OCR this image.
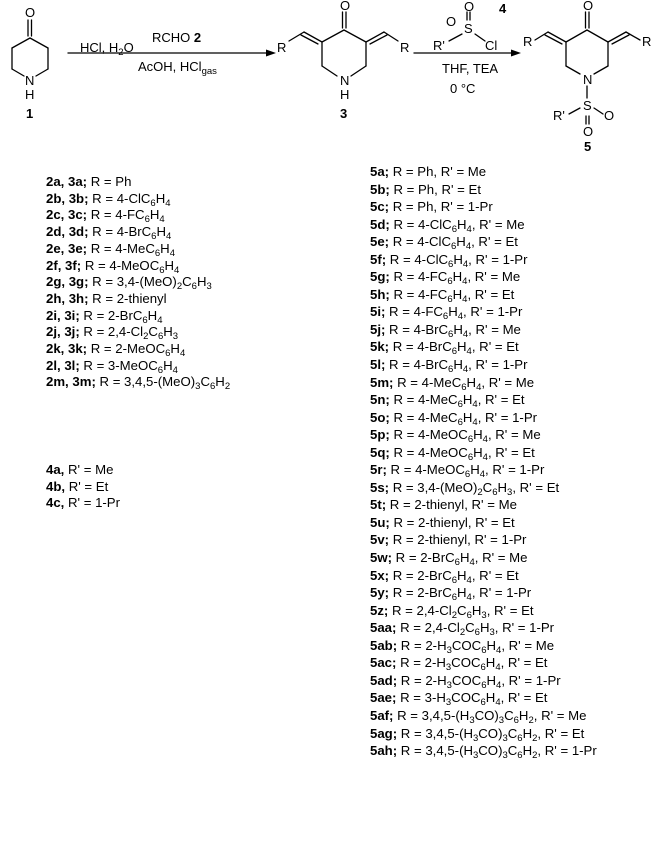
O
N
H
1
RCHO 2
HCl, $H_2O$
AcOH, HCl$_{gas}$
O
R	R
N
H
3
O
O S
4
R'	Cl
THF, TEA
0 °C
O
R	R
N
S
R'	O
O
5
2a, 3a; R = Ph
2b, 3b; $R = 4-ClC_6H_4$
2c, 3c; $R = 4-FC_6H_4$
2d, 3d; $R = 4-BrC_6H_4$
2e, 3e; $R = 4-MeC_6H_4$
2f, 3f; $R = 4-MeOC_6H_4$
2g, 3g; $R = 3,4-(MeO)_2C_6H_3$
2h, 3h; R = 2-thienyl
2i, 3i; $R = 2-BrC_6H_4$
2j, 3j; $R = 2,4-Cl_2C_6H_3$
2k, 3k; $R = 2-MeOC_6H_4$
2l, 3l; $R = 3-MeOC_6H_4$
2m, 3m; $R = 3,4,5-(MeO)_3C_6H_2$
4a, R' = Me
4b, R' = Et
4c, R' = 1-Pr
5a; R = Ph, R' = Me
5b; R = Ph, R' = Et
5c; R = Ph, R' = 1-Pr
5d; $R = 4-ClC_6H_4$, R' = Me
5e; $R = 4-ClC_6H_4$, R' = Et
5f; $R = 4-ClC_6H_4$, R' = 1-Pr
5g; $R = 4-FC_6H_4$, R' = Me
5h; $R = 4-FC_6H_4$, R' = Et
5i; $R = 4-FC_6H_4$, R' = 1-Pr
5j; $R = 4-BrC_6H_4$, R' = Me
5k; $R = 4-BrC_6H_4$, R' = Et
5l; $R = 4-BrC_6H_4$, R' = 1-Pr
5m; $R = 4-MeC_6H_4$, R' = Me
5n; $R = 4-MeC_6H_4$, R' = Et
5o; $R = 4-MeC_6H_4$, R' = 1-Pr
5p; $R = 4-MeOC_6H_4$, R' = Me
5q; $R = 4-MeOC_6H_4$, R' = Et
5r; $R = 4-MeOC_6H_4$, R' = 1-Pr
5s; $R = 3,4-(MeO)_2C_6H_3$, R' = Et
5t; R = 2-thienyl, R' = Me
5u; R = 2-thienyl, R' = Et
5v; R = 2-thienyl, R' = 1-Pr
5w; $R = 2-BrC_6H_4$, R' = Me
5x; $R = 2-BrC_6H_4$, R' = Et
5y; $R = 2-BrC_6H_4$, R' = 1-Pr
5z; $R = 2,4-Cl_2C_6H_3$, R' = Et
5aa; $R = 2,4-Cl_2C_6H_3$, R' = 1-Pr
5ab; $R = 2-H_3COC_6H_4$, R' = Me
5ac; $R = 2-H_3COC_6H_4$, R' = Et
5ad; $R = 2-H_3COC_6H_4$, R' = 1-Pr
5ae; $R = 3-H_3COC_6H_4$, R' = Et
5af; $R = 3,4,5-(H_3CO)_3C_6H_2$, R' = Me
5ag; $R = 3,4,5-(H_3CO)_3C_6H_2$, R' = Et
5ah; $R = 3,4,5-(H_3CO)_3C_6H_2$, R' = 1-Pr
